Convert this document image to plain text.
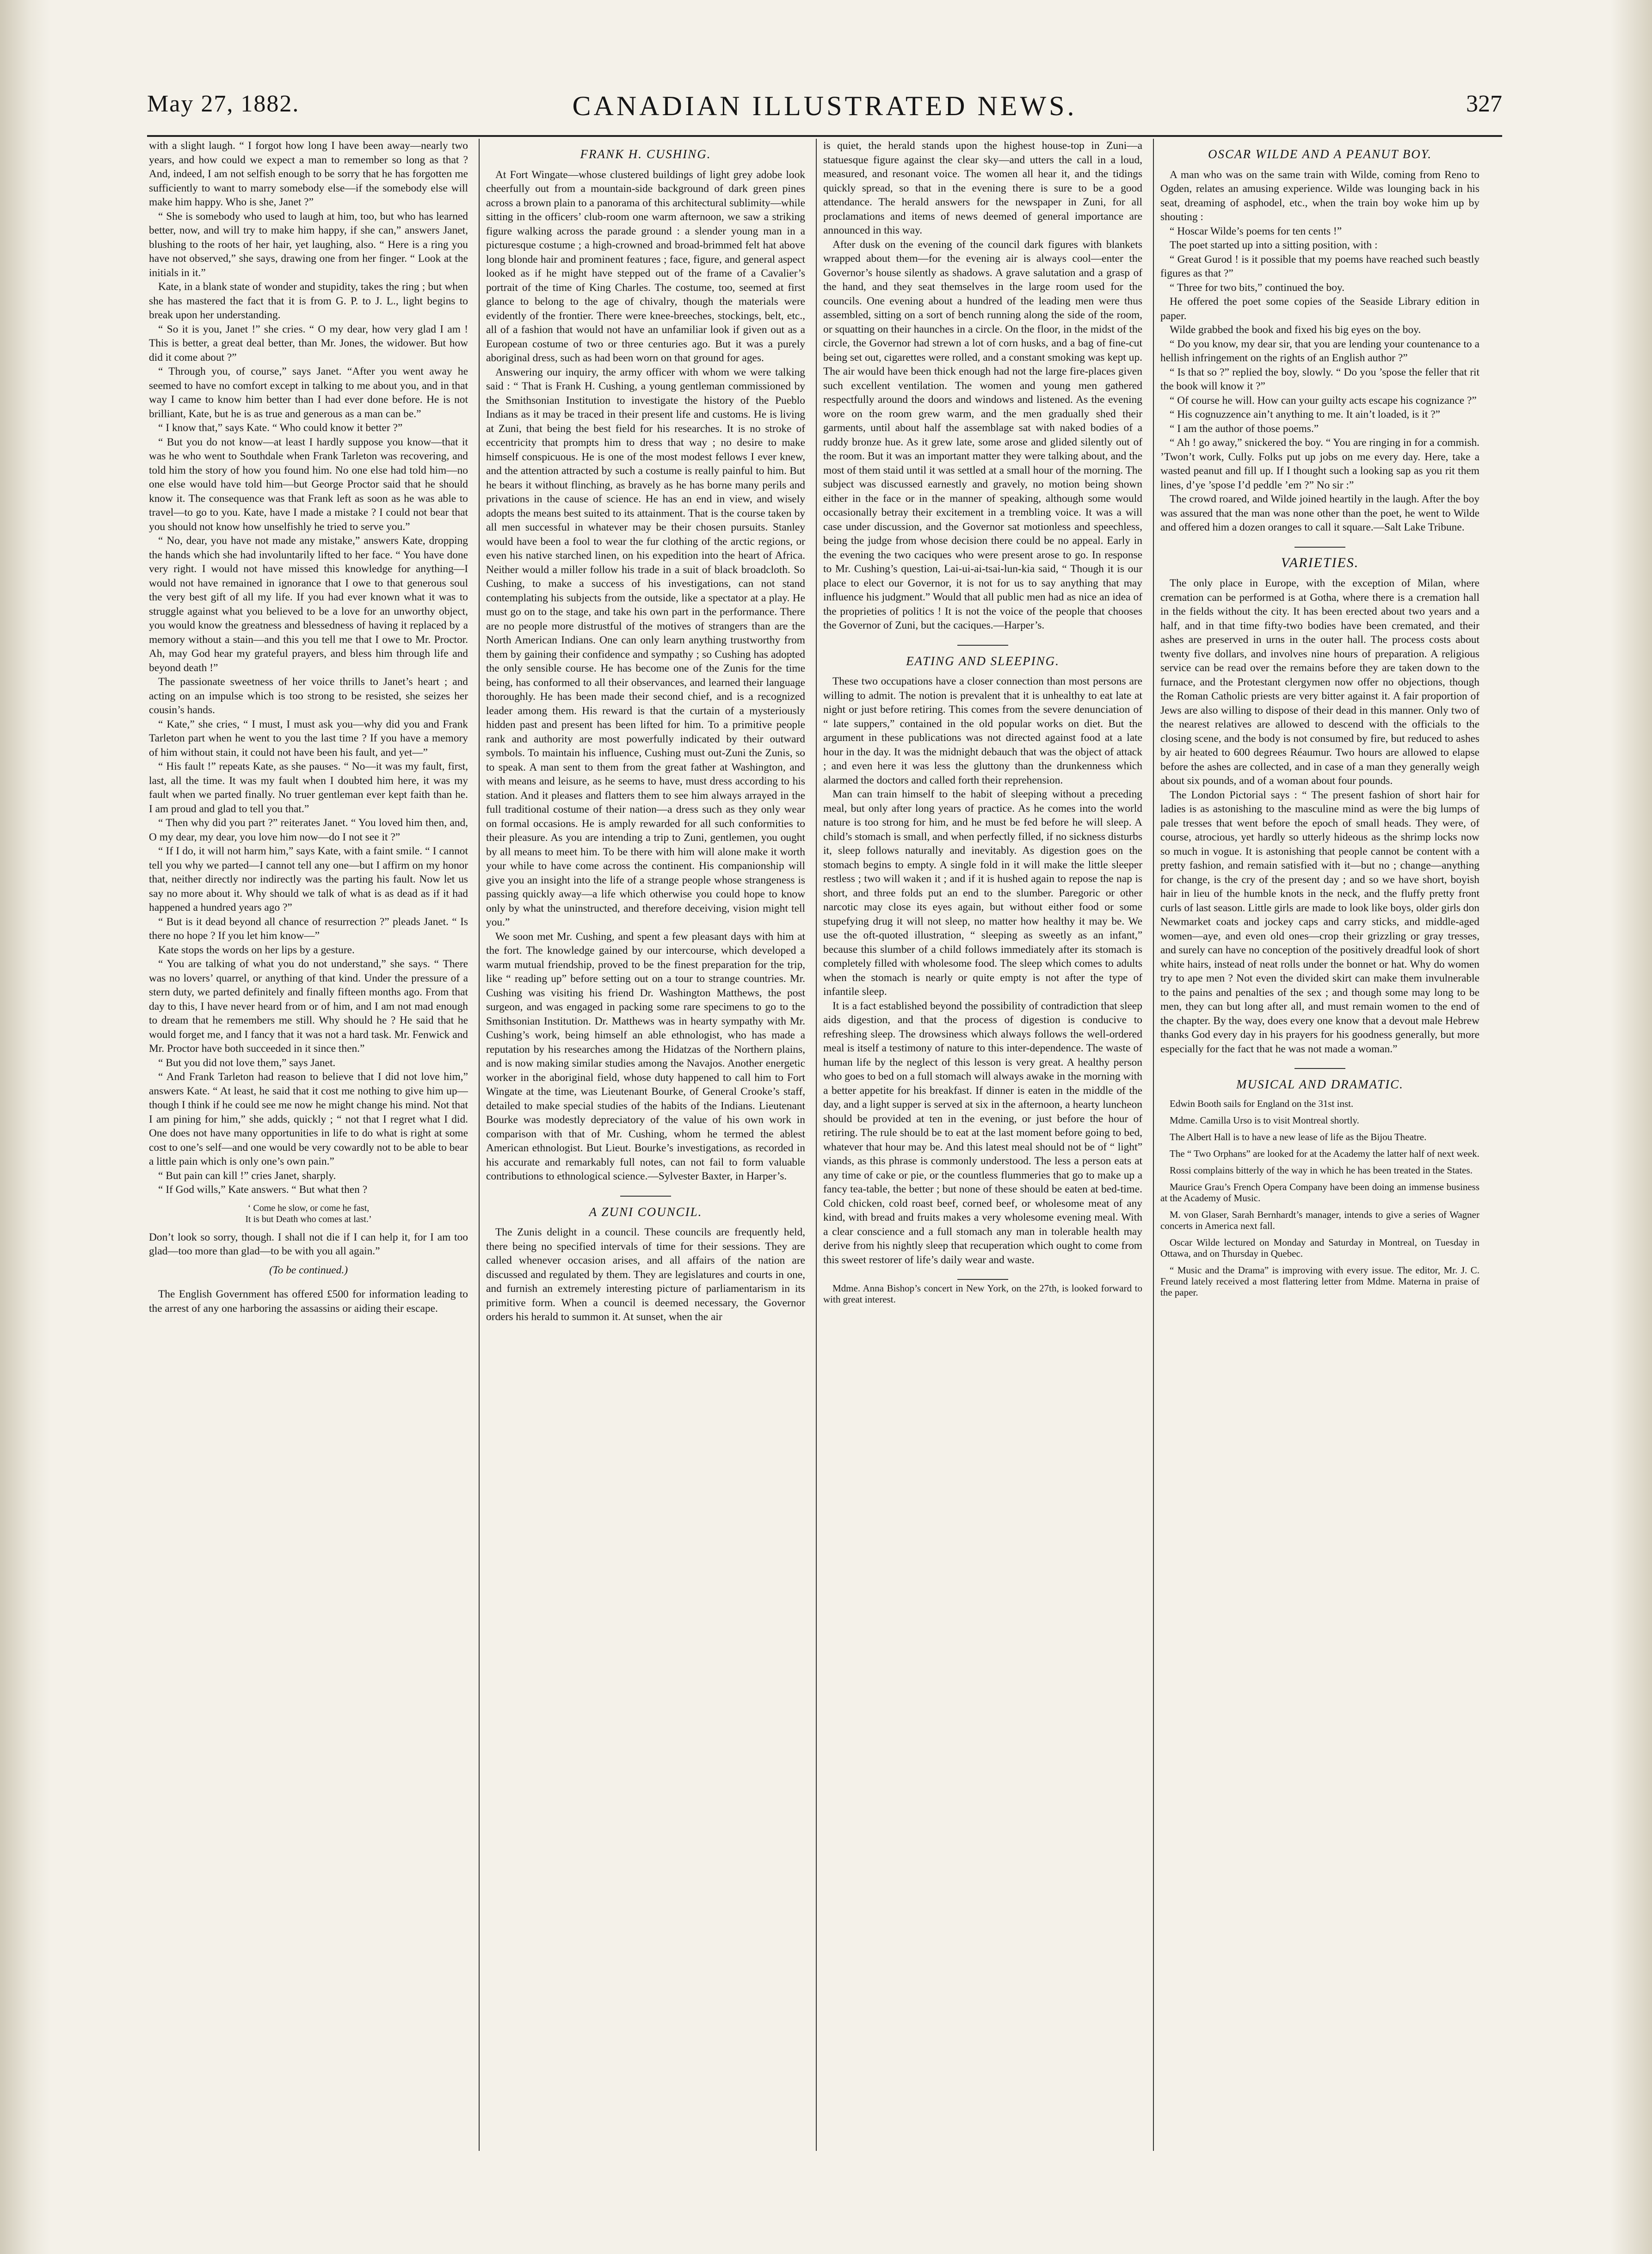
CANADIAN ILLUSTRATED NEWS.
May 27, 1882.	327

with a slight laugh. “ I forgot how long I have been away—nearly two years, and how could we expect a man to remember so long as that ? And, indeed, I am not selfish enough to be sorry that he has forgotten me sufficiently to want to marry somebody else—if the somebody else will make him happy. Who is she, Janet ?”

“ She is somebody who used to laugh at him, too, but who has learned better, now, and will try to make him happy, if she can,” answers Janet, blushing to the roots of her hair, yet laughing, also. “ Here is a ring you have not observed,” she says, drawing one from her finger. “ Look at the initials in it.”

Kate, in a blank state of wonder and stupidity, takes the ring ; but when she has mastered the fact that it is from G. P. to J. L., light begins to break upon her understanding.

“ So it is you, Janet !” she cries. “ O my dear, how very glad I am ! This is better, a great deal better, than Mr. Jones, the widower. But how did it come about ?”

“ Through you, of course,” says Janet. “After you went away he seemed to have no comfort except in talking to me about you, and in that way I came to know him better than I had ever done before. He is not brilliant, Kate, but he is as true and generous as a man can be.”

“ I know that,” says Kate. “ Who could know it better ?”

“ But you do not know—at least I hardly suppose you know—that it was he who went to Southdale when Frank Tarleton was recovering, and told him the story of how you found him. No one else had told him—no one else would have told him—but George Proctor said that he should know it. The consequence was that Frank left as soon as he was able to travel—to go to you. Kate, have I made a mistake ? I could not bear that you should not know how unselfishly he tried to serve you.”

“ No, dear, you have not made any mistake,” answers Kate, dropping the hands which she had involuntarily lifted to her face. “ You have done very right. I would not have missed this knowledge for anything—I would not have remained in ignorance that I owe to that generous soul the very best gift of all my life. If you had ever known what it was to struggle against what you believed to be a love for an unworthy object, you would know the greatness and blessedness of having it replaced by a memory without a stain—and this you tell me that I owe to Mr. Proctor. Ah, may God hear my grateful prayers, and bless him through life and beyond death !”

The passionate sweetness of her voice thrills to Janet’s heart ; and acting on an impulse which is too strong to be resisted, she seizes her cousin’s hands.

“ Kate,” she cries, “ I must, I must ask you—why did you and Frank Tarleton part when he went to you the last time ? If you have a memory of him without stain, it could not have been his fault, and yet—”

“ His fault !” repeats Kate, as she pauses. “ No—it was my fault, first, last, all the time. It was my fault when I doubted him here, it was my fault when we parted finally. No truer gentleman ever kept faith than he. I am proud and glad to tell you that.”

“ Then why did you part ?” reiterates Janet. “ You loved him then, and, O my dear, my dear, you love him now—do I not see it ?”

“ If I do, it will not harm him,” says Kate, with a faint smile. “ I cannot tell you why we parted—I cannot tell any one—but I affirm on my honor that, neither directly nor indirectly was the parting his fault. Now let us say no more about it. Why should we talk of what is as dead as if it had happened a hundred years ago ?”

“ But is it dead beyond all chance of resurrection ?” pleads Janet. “ Is there no hope ? If you let him know—”

Kate stops the words on her lips by a gesture.

“ You are talking of what you do not understand,” she says. “ There was no lovers’ quarrel, or anything of that kind. Under the pressure of a stern duty, we parted definitely and finally fifteen months ago. From that day to this, I have never heard from or of him, and I am not mad enough to dream that he remembers me still. Why should he ? He said that he would forget me, and I fancy that it was not a hard task. Mr. Fenwick and Mr. Proctor have both succeeded in it since then.”

“ But you did not love them,” says Janet.

“ And Frank Tarleton had reason to believe that I did not love him,” answers Kate. “ At least, he said that it cost me nothing to give him up—though I think if he could see me now he might change his mind. Not that I am pining for him,” she adds, quickly ; “ not that I regret what I did. One does not have many opportunities in life to do what is right at some cost to one’s self—and one would be very cowardly not to be able to bear a little pain which is only one’s own pain.”

“ But pain can kill !” cries Janet, sharply.

“ If God wills,” Kate answers. “ But what then ?

‘ Come he slow, or come he fast,
It is but Death who comes at last.’

Don’t look so sorry, though. I shall not die if I can help it, for I am too glad—too more than glad—to be with you all again.”

(To be continued.)

The English Government has offered £500 for information leading to the arrest of any one harboring the assassins or aiding their escape.

FRANK H. CUSHING.

At Fort Wingate—whose clustered buildings of light grey adobe look cheerfully out from a mountain-side background of dark green pines across a brown plain to a panorama of this architectural sublimity—while sitting in the officers’ club-room one warm afternoon, we saw a striking figure walking across the parade ground : a slender young man in a picturesque costume ; a high-crowned and broad-brimmed felt hat above long blonde hair and prominent features ; face, figure, and general aspect looked as if he might have stepped out of the frame of a Cavalier’s portrait of the time of King Charles. The costume, too, seemed at first glance to belong to the age of chivalry, though the materials were evidently of the frontier. There were knee-breeches, stockings, belt, etc., all of a fashion that would not have an unfamiliar look if given out as a European costume of two or three centuries ago. But it was a purely aboriginal dress, such as had been worn on that ground for ages.

Answering our inquiry, the army officer with whom we were talking said : “ That is Frank H. Cushing, a young gentleman commissioned by the Smithsonian Institution to investigate the history of the Pueblo Indians as it may be traced in their present life and customs. He is living at Zuni, that being the best field for his researches. It is no stroke of eccentricity that prompts him to dress that way ; no desire to make himself conspicuous. He is one of the most modest fellows I ever knew, and the attention attracted by such a costume is really painful to him. But he bears it without flinching, as bravely as he has borne many perils and privations in the cause of science. He has an end in view, and wisely adopts the means best suited to its attainment. That is the course taken by all men successful in whatever may be their chosen pursuits. Stanley would have been a fool to wear the fur clothing of the arctic regions, or even his native starched linen, on his expedition into the heart of Africa. Neither would a miller follow his trade in a suit of black broadcloth. So Cushing, to make a success of his investigations, can not stand contemplating his subjects from the outside, like a spectator at a play. He must go on to the stage, and take his own part in the performance. There are no people more distrustful of the motives of strangers than are the North American Indians. One can only learn anything trustworthy from them by gaining their confidence and sympathy ; so Cushing has adopted the only sensible course. He has become one of the Zunis for the time being, has conformed to all their observances, and learned their language thoroughly. He has been made their second chief, and is a recognized leader among them. His reward is that the curtain of a mysteriously hidden past and present has been lifted for him. To a primitive people rank and authority are most powerfully indicated by their outward symbols. To maintain his influence, Cushing must out-Zuni the Zunis, so to speak. A man sent to them from the great father at Washington, and with means and leisure, as he seems to have, must dress according to his station. And it pleases and flatters them to see him always arrayed in the full traditional costume of their nation—a dress such as they only wear on formal occasions. He is amply rewarded for all such conformities to their pleasure. As you are intending a trip to Zuni, gentlemen, you ought by all means to meet him. To be there with him will alone make it worth your while to have come across the continent. His companionship will give you an insight into the life of a strange people whose strangeness is passing quickly away—a life which otherwise you could hope to know only by what the uninstructed, and therefore deceiving, vision might tell you.”

We soon met Mr. Cushing, and spent a few pleasant days with him at the fort. The knowledge gained by our intercourse, which developed a warm mutual friendship, proved to be the finest preparation for the trip, like “ reading up” before setting out on a tour to strange countries. Mr. Cushing was visiting his friend Dr. Washington Matthews, the post surgeon, and was engaged in packing some rare specimens to go to the Smithsonian Institution. Dr. Matthews was in hearty sympathy with Mr. Cushing’s work, being himself an able ethnologist, who has made a reputation by his researches among the Hidatzas of the Northern plains, and is now making similar studies among the Navajos. Another energetic worker in the aboriginal field, whose duty happened to call him to Fort Wingate at the time, was Lieutenant Bourke, of General Crooke’s staff, detailed to make special studies of the habits of the Indians. Lieutenant Bourke was modestly depreciatory of the value of his own work in comparison with that of Mr. Cushing, whom he termed the ablest American ethnologist. But Lieut. Bourke’s investigations, as recorded in his accurate and remarkably full notes, can not fail to form valuable contributions to ethnological science.—Sylvester Baxter, in Harper’s.

A ZUNI COUNCIL.

The Zunis delight in a council. These councils are frequently held, there being no specified intervals of time for their sessions. They are called whenever occasion arises, and all affairs of the nation are discussed and regulated by them. They are legislatures and courts in one, and furnish an extremely interesting picture of parliamentarism in its primitive form. When a council is deemed necessary, the Governor orders his herald to summon it. At sunset, when the air

is quiet, the herald stands upon the highest house-top in Zuni—a statuesque figure against the clear sky—and utters the call in a loud, measured, and resonant voice. The women all hear it, and the tidings quickly spread, so that in the evening there is sure to be a good attendance. The herald answers for the newspaper in Zuni, for all proclamations and items of news deemed of general importance are announced in this way.

After dusk on the evening of the council dark figures with blankets wrapped about them—for the evening air is always cool—enter the Governor’s house silently as shadows. A grave salutation and a grasp of the hand, and they seat themselves in the large room used for the councils. One evening about a hundred of the leading men were thus assembled, sitting on a sort of bench running along the side of the room, or squatting on their haunches in a circle. On the floor, in the midst of the circle, the Governor had strewn a lot of corn husks, and a bag of fine-cut being set out, cigarettes were rolled, and a constant smoking was kept up. The air would have been thick enough had not the large fire-places given such excellent ventilation. The women and young men gathered respectfully around the doors and windows and listened. As the evening wore on the room grew warm, and the men gradually shed their garments, until about half the assemblage sat with naked bodies of a ruddy bronze hue. As it grew late, some arose and glided silently out of the room. But it was an important matter they were talking about, and the most of them staid until it was settled at a small hour of the morning. The subject was discussed earnestly and gravely, no motion being shown either in the face or in the manner of speaking, although some would occasionally betray their excitement in a trembling voice. It was a will case under discussion, and the Governor sat motionless and speechless, being the judge from whose decision there could be no appeal. Early in the evening the two caciques who were present arose to go. In response to Mr. Cushing’s question, Lai-ui-ai-tsai-lun-kia said, “ Though it is our place to elect our Governor, it is not for us to say anything that may influence his judgment.” Would that all public men had as nice an idea of the proprieties of politics ! It is not the voice of the people that chooses the Governor of Zuni, but the caciques.—Harper’s.

EATING AND SLEEPING.

These two occupations have a closer connection than most persons are willing to admit. The notion is prevalent that it is unhealthy to eat late at night or just before retiring. This comes from the severe denunciation of “ late suppers,” contained in the old popular works on diet. But the argument in these publications was not directed against food at a late hour in the day. It was the midnight debauch that was the object of attack ; and even here it was less the gluttony than the drunkenness which alarmed the doctors and called forth their reprehension.

Man can train himself to the habit of sleeping without a preceding meal, but only after long years of practice. As he comes into the world nature is too strong for him, and he must be fed before he will sleep. A child’s stomach is small, and when perfectly filled, if no sickness disturbs it, sleep follows naturally and inevitably. As digestion goes on the stomach begins to empty. A single fold in it will make the little sleeper restless ; two will waken it ; and if it is hushed again to repose the nap is short, and three folds put an end to the slumber. Paregoric or other narcotic may close its eyes again, but without either food or some stupefying drug it will not sleep, no matter how healthy it may be. We use the oft-quoted illustration, “ sleeping as sweetly as an infant,” because this slumber of a child follows immediately after its stomach is completely filled with wholesome food. The sleep which comes to adults when the stomach is nearly or quite empty is not after the type of infantile sleep.

It is a fact established beyond the possibility of contradiction that sleep aids digestion, and that the process of digestion is conducive to refreshing sleep. The drowsiness which always follows the well-ordered meal is itself a testimony of nature to this inter-dependence. The waste of human life by the neglect of this lesson is very great. A healthy person who goes to bed on a full stomach will always awake in the morning with a better appetite for his breakfast. If dinner is eaten in the middle of the day, and a light supper is served at six in the afternoon, a hearty luncheon should be provided at ten in the evening, or just before the hour of retiring. The rule should be to eat at the last moment before going to bed, whatever that hour may be. And this latest meal should not be of “ light” viands, as this phrase is commonly understood. The less a person eats at any time of cake or pie, or the countless flummeries that go to make up a fancy tea-table, the better ; but none of these should be eaten at bed-time. Cold chicken, cold roast beef, corned beef, or wholesome meat of any kind, with bread and fruits makes a very wholesome evening meal. With a clear conscience and a full stomach any man in tolerable health may derive from his nightly sleep that recuperation which ought to come from this sweet restorer of life’s daily wear and waste.

Mdme. Anna Bishop’s concert in New York, on the 27th, is looked forward to with great interest.

OSCAR WILDE AND A PEANUT BOY.

A man who was on the same train with Wilde, coming from Reno to Ogden, relates an amusing experience. Wilde was lounging back in his seat, dreaming of asphodel, etc., when the train boy woke him up by shouting :

“ Hoscar Wilde’s poems for ten cents !”

The poet started up into a sitting position, with :

“ Great Gurod ! is it possible that my poems have reached such beastly figures as that ?”

“ Three for two bits,” continued the boy.

He offered the poet some copies of the Seaside Library edition in paper.

Wilde grabbed the book and fixed his big eyes on the boy.

“ Do you know, my dear sir, that you are lending your countenance to a hellish infringement on the rights of an English author ?”

“ Is that so ?” replied the boy, slowly. “ Do you ’spose the feller that rit the book will know it ?”

“ Of course he will. How can your guilty acts escape his cognizance ?”

“ His cognuzzence ain’t anything to me. It ain’t loaded, is it ?”

“ I am the author of those poems.”

“ Ah ! go away,” snickered the boy. “ You are ringing in for a commish. ’Twon’t work, Cully. Folks put up jobs on me every day. Here, take a wasted peanut and fill up. If I thought such a looking sap as you rit them lines, d’ye ’spose I’d peddle ’em ?” No sir :”

The crowd roared, and Wilde joined heartily in the laugh. After the boy was assured that the man was none other than the poet, he went to Wilde and offered him a dozen oranges to call it square.—Salt Lake Tribune.

VARIETIES.

The only place in Europe, with the exception of Milan, where cremation can be performed is at Gotha, where there is a cremation hall in the fields without the city. It has been erected about two years and a half, and in that time fifty-two bodies have been cremated, and their ashes are preserved in urns in the outer hall. The process costs about twenty five dollars, and involves nine hours of preparation. A religious service can be read over the remains before they are taken down to the furnace, and the Protestant clergymen now offer no objections, though the Roman Catholic priests are very bitter against it. A fair proportion of Jews are also willing to dispose of their dead in this manner. Only two of the nearest relatives are allowed to descend with the officials to the closing scene, and the body is not consumed by fire, but reduced to ashes by air heated to 600 degrees Réaumur. Two hours are allowed to elapse before the ashes are collected, and in case of a man they generally weigh about six pounds, and of a woman about four pounds.

The London Pictorial says : “ The present fashion of short hair for ladies is as astonishing to the masculine mind as were the big lumps of pale tresses that went before the epoch of small heads. They were, of course, atrocious, yet hardly so utterly hideous as the shrimp locks now so much in vogue. It is astonishing that people cannot be content with a pretty fashion, and remain satisfied with it—but no ; change—anything for change, is the cry of the present day ; and so we have short, boyish hair in lieu of the humble knots in the neck, and the fluffy pretty front curls of last season. Little girls are made to look like boys, older girls don Newmarket coats and jockey caps and carry sticks, and middle-aged women—aye, and even old ones—crop their grizzling or gray tresses, and surely can have no conception of the positively dreadful look of short white hairs, instead of neat rolls under the bonnet or hat. Why do women try to ape men ? Not even the divided skirt can make them invulnerable to the pains and penalties of the sex ; and though some may long to be men, they can but long after all, and must remain women to the end of the chapter. By the way, does every one know that a devout male Hebrew thanks God every day in his prayers for his goodness generally, but more especially for the fact that he was not made a woman.”

MUSICAL AND DRAMATIC.

Edwin Booth sails for England on the 31st inst.

Mdme. Camilla Urso is to visit Montreal shortly.

The Albert Hall is to have a new lease of life as the Bijou Theatre.

The “ Two Orphans” are looked for at the Academy the latter half of next week.

Rossi complains bitterly of the way in which he has been treated in the States.

Maurice Grau’s French Opera Company have been doing an immense business at the Academy of Music.

M. von Glaser, Sarah Bernhardt’s manager, intends to give a series of Wagner concerts in America next fall.

Oscar Wilde lectured on Monday and Saturday in Montreal, on Tuesday in Ottawa, and on Thursday in Quebec.

“ Music and the Drama” is improving with every issue. The editor, Mr. J. C. Freund lately received a most flattering letter from Mdme. Materna in praise of the paper.
